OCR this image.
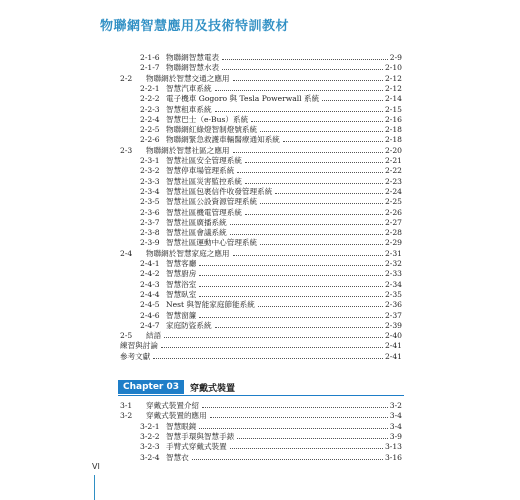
物聯網智慧應用及技術特訓教材
2-1-6 物聯網智慧電表	2-9
2-1-7 物聯網智慧水表	2-10
2-2	物聯網於智慧交通之應用	2-12
2-2-1 智慧汽車系統	2-12
2-2-2 電子機車 Gogoro 與 Tesla Powerwall 系統	2-14
2-2-3 智慧租車系統	2-15
2-2-4 智慧巴士（e-Bus）系統	2-16
2-2-5 物聯網紅綠燈智制燈號系統	2-18
2-2-6 物聯網緊急救護車輛醫療通知系統	2-18
2-3	物聯網於智慧社區之應用	2-20
2-3-1 智慧社區安全管理系統	2-21
2-3-2 智慧停車場管理系統	2-22
2-3-3 智慧社區災害監控系統	2-23
2-3-4 智慧社區包裹信件收發管理系統	2-24
2-3-5 智慧社區公設資源管理系統	2-25
2-3-6 智慧社區機電管理系統	2-26
2-3-7 智慧社區廣播系統	2-27
2-3-8 智慧社區會議系統	2-28
2-3-9 智慧社區運動中心管理系統	2-29
2-4	物聯網於智慧家庭之應用	2-31
2-4-1 智慧客廳	2-32
2-4-2 智慧廚房	2-33
2-4-3 智慧浴室	2-34
2-4-4 智慧臥室	2-35
2-4-5 Nest 與智能家庭節能系統	2-36
2-4-6 智慧窗簾	2-37
2-4-7 家庭防盜系統	2-39
2-5	結語	2-40
練習與討論	2-41
參考文獻	2-41
Chapter 03	穿戴式裝置
3-1	穿戴式裝置介紹	3-2
3-2	穿戴式裝置的應用	3-4
3-2-1 智慧眼鏡	3-4
3-2-2 智慧手環與智慧手錶	3-9
3-2-3 手臂式穿戴式裝置	3-13
3-2-4 智慧衣	3-16
VI
